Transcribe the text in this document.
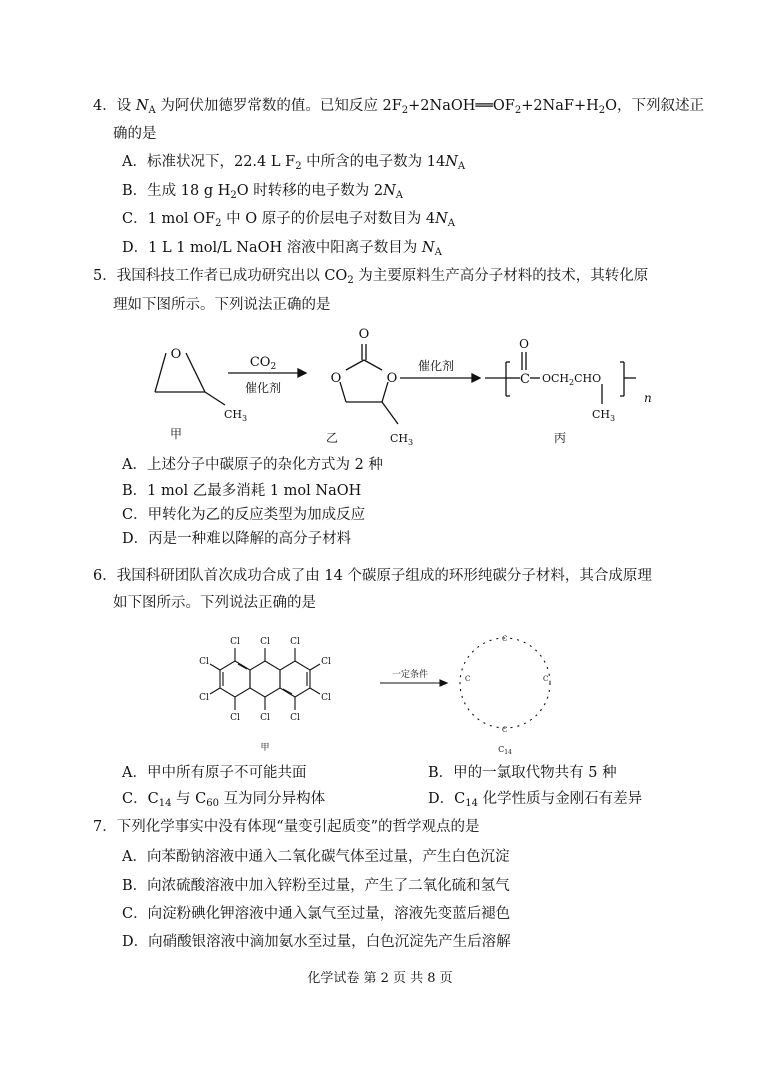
4．设 $N_A$ 为阿伏加德罗常数的值。已知反应 $2F_2+2NaOH══OF_2+2NaF+H_2O$，下列叙述正
确的是
A．标准状况下，22.4 L $F_2$ 中所含的电子数为 $14N_A$
B．生成 18 g $H_2O$ 时转移的电子数为 $2N_A$
C．1 mol $OF_2$ 中 O 原子的价层电子对数目为 $4N_A$
D．1 L 1 mol/L NaOH 溶液中阳离子数目为 $N_A$
5．我国科技工作者已成功研究出以 $CO_2$ 为主要原料生产高分子材料的技术，其转化原
理如下图所示。下列说法正确的是
O
$CH_3$
$CO_2$
催化剂
O
O	O
$CH_3$
催化剂
O
C $OCH_2CHO$
$CH_3$
n
甲	乙	丙
A．上述分子中碳原子的杂化方式为 2 种
B．1 mol 乙最多消耗 1 mol NaOH
C．甲转化为乙的反应类型为加成反应
D．丙是一种难以降解的高分子材料
6．我国科研团队首次成功合成了由 14 个碳原子组成的环形纯碳分子材料，其合成原理
如下图所示。下列说法正确的是
Cl Cl Cl
Cl
Cl
Cl
Cl
Cl Cl Cl
一定条件
甲
C	C
C
C
$C_{14}$
A．甲中所有原子不可能共面	B．甲的一氯取代物共有 5 种
C．$C_{14}$ 与 $C_{60}$ 互为同分异构体	D．$C_{14}$ 化学性质与金刚石有差异
7．下列化学事实中没有体现“量变引起质变”的哲学观点的是
A．向苯酚钠溶液中通入二氧化碳气体至过量，产生白色沉淀
B．向浓硫酸溶液中加入锌粉至过量，产生了二氧化硫和氢气
C．向淀粉碘化钾溶液中通入氯气至过量，溶液先变蓝后褪色
D．向硝酸银溶液中滴加氨水至过量，白色沉淀先产生后溶解
化学试卷 第 2 页 共 8 页
